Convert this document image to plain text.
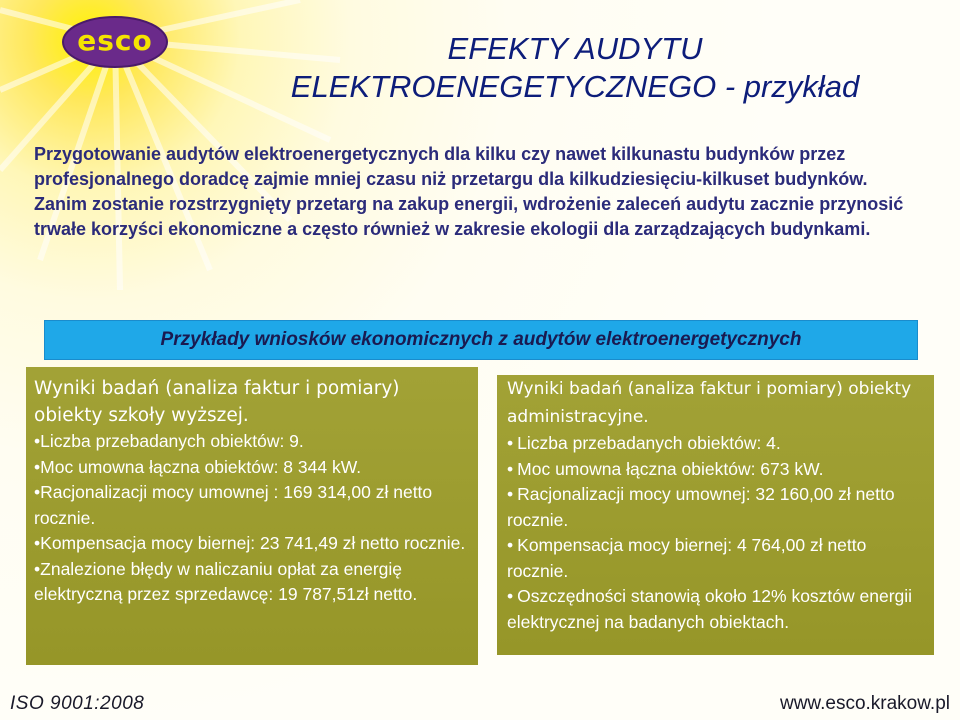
esco	EFEKTY AUDYTU
ELEKTROENEGETYCZNEGO - przykład
Przygotowanie audytów elektroenergetycznych dla kilku czy nawet kilkunastu budynków przez profesjonalnego doradcę zajmie mniej czasu niż przetargu dla kilkudziesięciu-kilkuset budynków.
Zanim zostanie rozstrzygnięty przetarg na zakup energii, wdrożenie zaleceń audytu zacznie przynosić trwałe korzyści ekonomiczne a często również w zakresie ekologii dla zarządzających budynkami.
Przykłady wniosków ekonomicznych z audytów elektroenergetycznych
Wyniki badań (analiza faktur i pomiary) obiekty szkoły wyższej.
•Liczba przebadanych obiektów: 9.
•Moc umowna łączna obiektów: 8 344 kW.
•Racjonalizacji mocy umownej : 169 314,00 zł netto rocznie.
•Kompensacja mocy biernej: 23 741,49 zł netto rocznie.
•Znalezione błędy w naliczaniu opłat za energię elektryczną przez sprzedawcę: 19 787,51zł netto.
Wyniki badań (analiza faktur i pomiary) obiekty administracyjne.
• Liczba przebadanych obiektów: 4.
• Moc umowna łączna obiektów: 673 kW.
• Racjonalizacji mocy umownej: 32 160,00 zł netto rocznie.
• Kompensacja mocy biernej: 4 764,00 zł netto rocznie.
• Oszczędności stanowią około 12% kosztów energii elektrycznej na badanych obiektach.
ISO 9001:2008	www.esco.krakow.pl
